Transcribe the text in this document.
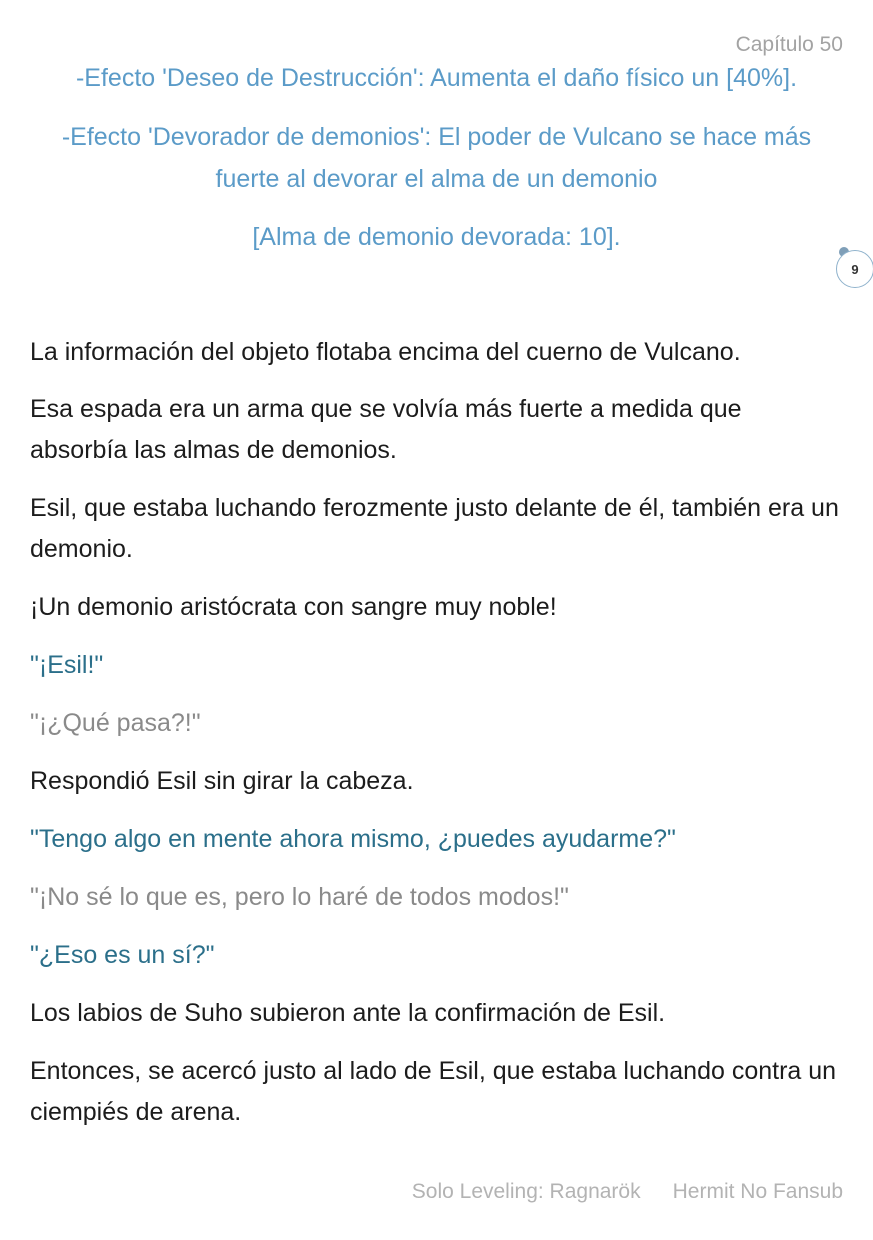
Capítulo 50

-Efecto 'Deseo de Destrucción': Aumenta el daño físico un [40%].

-Efecto 'Devorador de demonios': El poder de Vulcano se hace más fuerte al devorar el alma de un demonio

[Alma de demonio devorada: 10].

9

La información del objeto flotaba encima del cuerno de Vulcano.

Esa espada era un arma que se volvía más fuerte a medida que absorbía las almas de demonios.

Esil, que estaba luchando ferozmente justo delante de él, también era un demonio.

¡Un demonio aristócrata con sangre muy noble!

"¡Esil!"

"¡¿Qué pasa?!"

Respondió Esil sin girar la cabeza.

"Tengo algo en mente ahora mismo, ¿puedes ayudarme?"

"¡No sé lo que es, pero lo haré de todos modos!"

"¿Eso es un sí?"

Los labios de Suho subieron ante la confirmación de Esil.

Entonces, se acercó justo al lado de Esil, que estaba luchando contra un ciempiés de arena.

Solo Leveling: Ragnarök Hermit No Fansub
